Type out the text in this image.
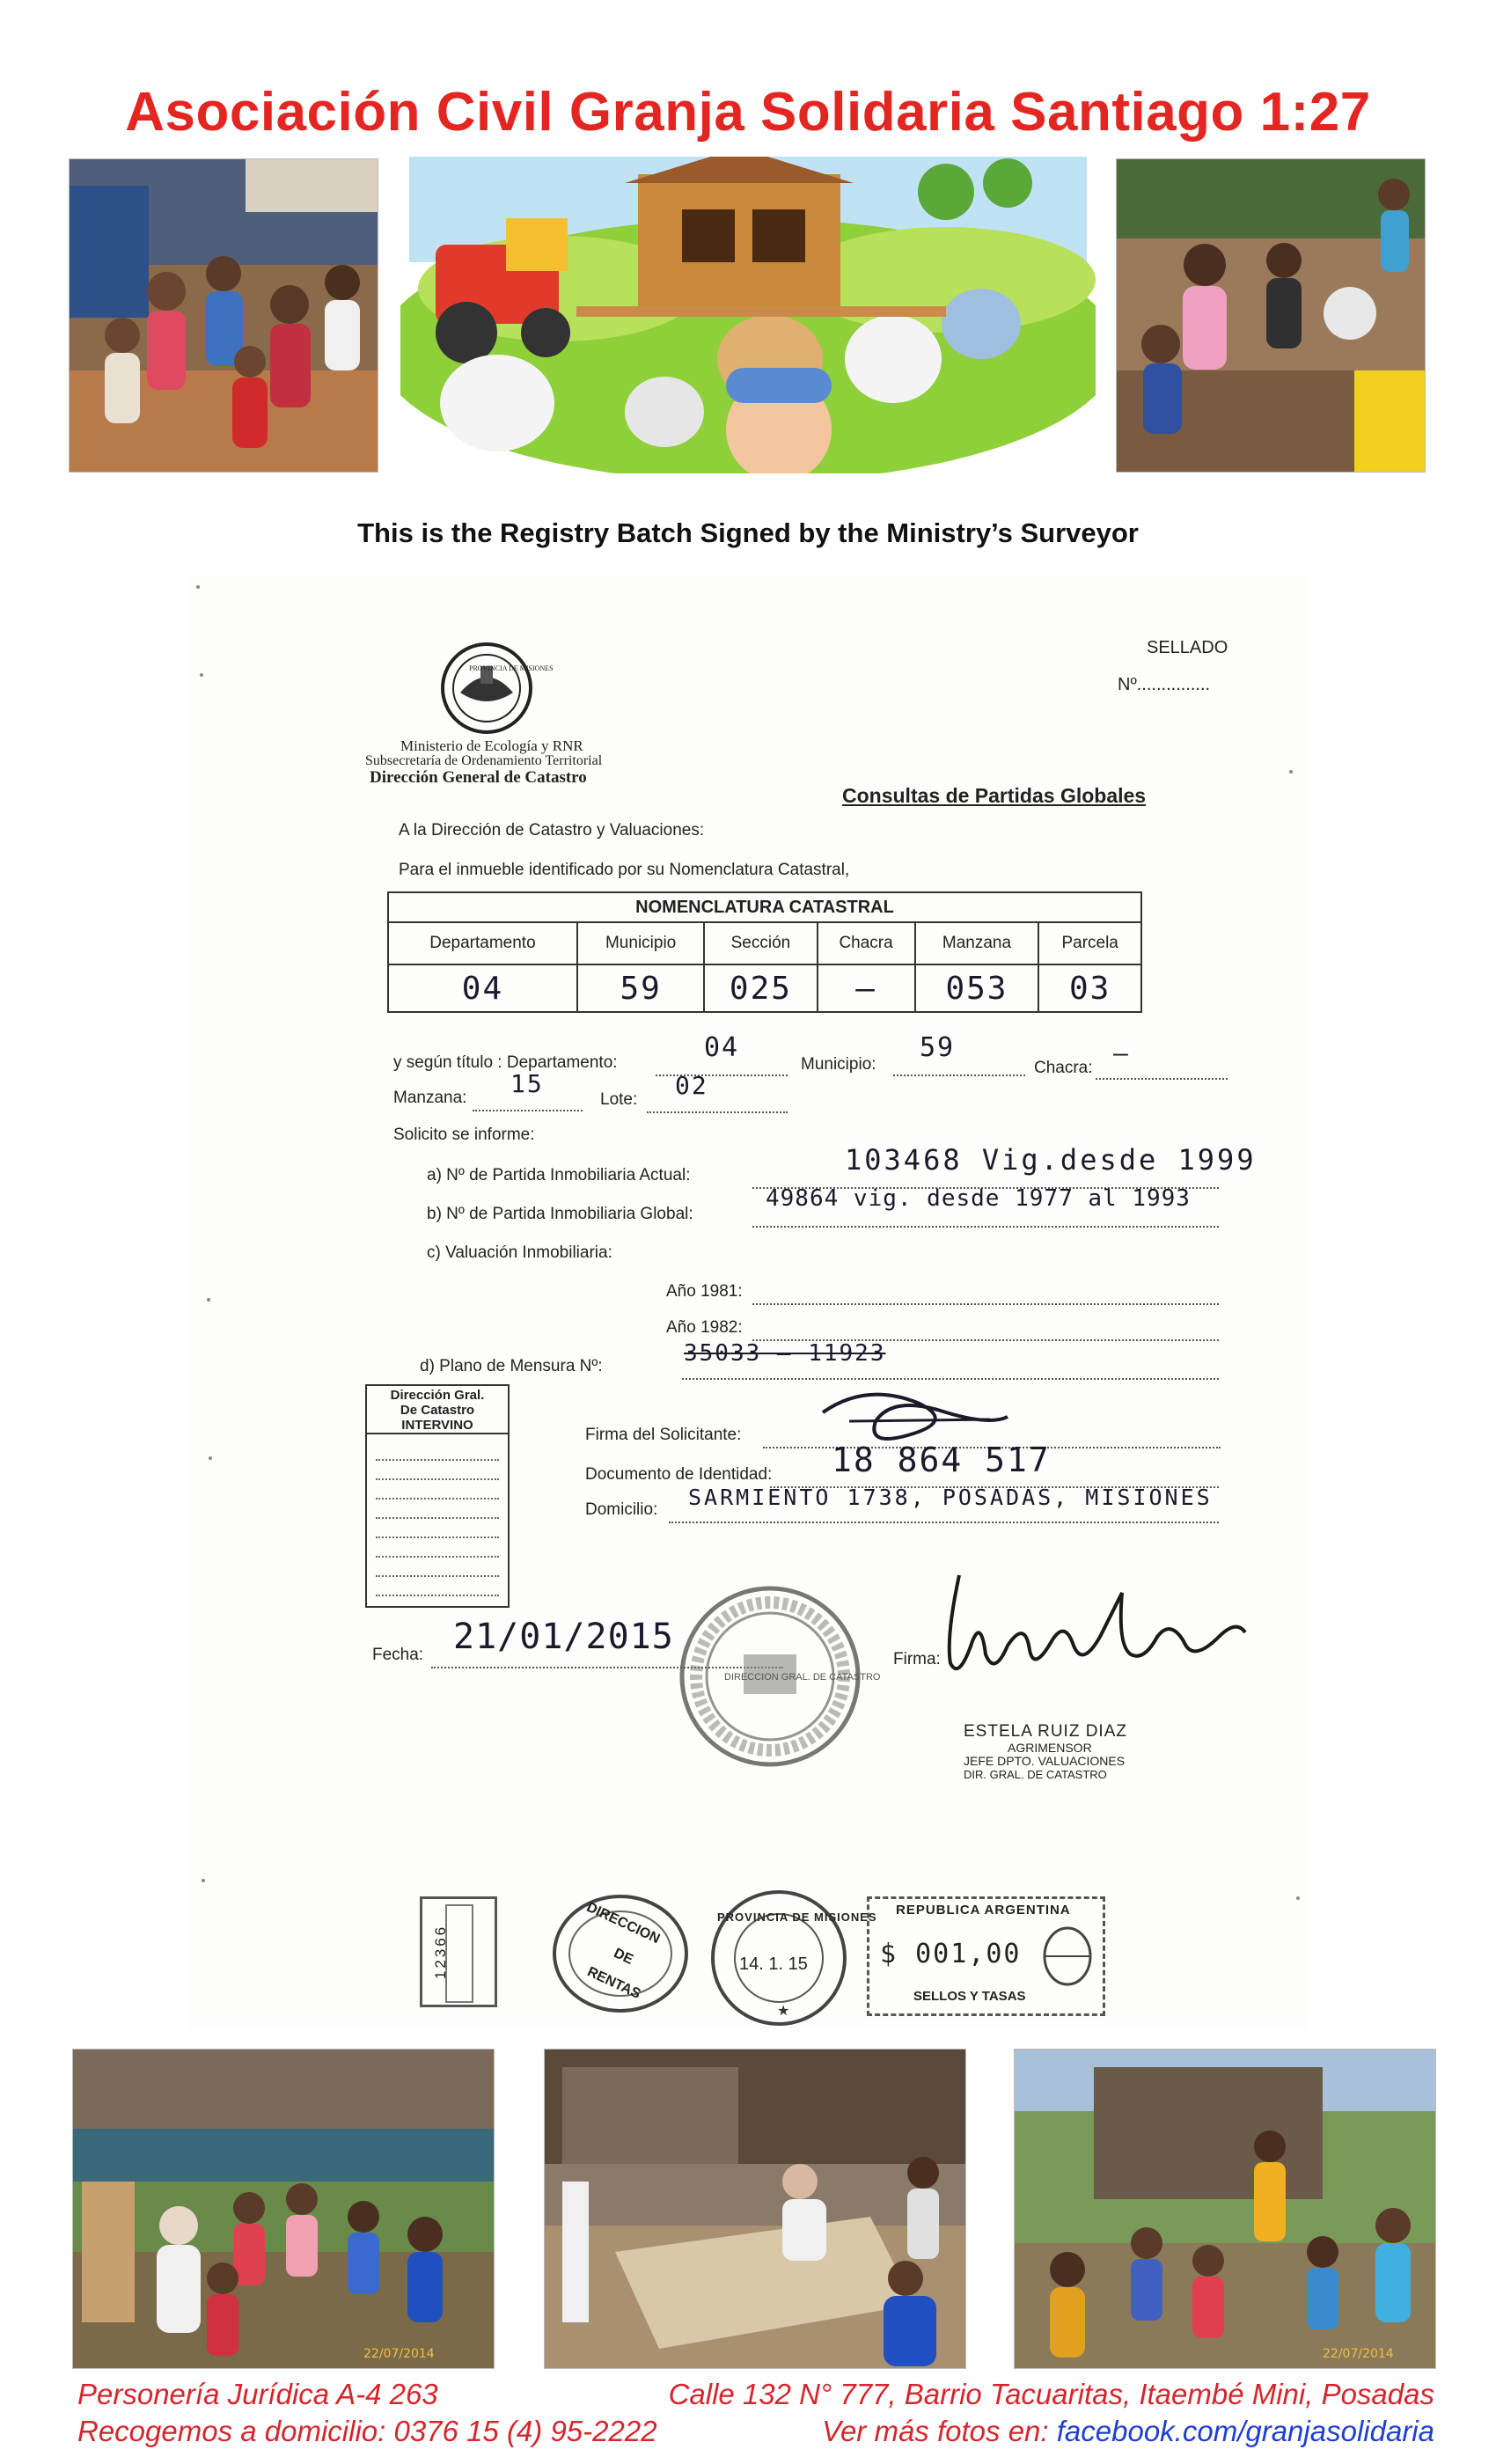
Asociación Civil Granja Solidaria Santiago 1:27
This is the Registry Batch Signed by the Ministry’s Surveyor
PROVINCIA DE MISIONES
Ministerio de Ecología y RNR
Subsecretaría de Ordenamiento Territorial
Dirección General de Catastro
SELLADO
Nº...............
Consultas de Partidas Globales
A la Dirección de Catastro y Valuaciones:
Para el inmueble identificado por su Nomenclatura Catastral,
NOMENCLATURA CATASTRAL					
Departamento	Municipio	Sección	Chacra	Manzana	Parcela
04	59	025	–	053	03
y según título : Departamento:	04
Municipio:
59
Chacra:
–
Manzana: 15
Lote: 02
Solicito se informe:
a) Nº de Partida Inmobiliaria Actual:	103468 Vig.desde 1999
b) Nº de Partida Inmobiliaria Global:
49864 vig. desde 1977 al 1993
c) Valuación Inmobiliaria:
Año 1981:
Año 1982:
d) Plano de Mensura Nº:	35033 – 11923
Dirección Gral.
De Catastro
INTERVINO
Firma del Solicitante:
Documento de Identidad: 18 864 517
Domicilio: SARMIENTO 1738, POSADAS, MISIONES
Fecha: 21/01/2015
DIRECCION GRAL. DE CATASTRO
Firma:
ESTELA RUIZ DIAZ
AGRIMENSOR
JEFE DPTO. VALUACIONES
DIR. GRAL. DE CATASTRO
12366
DIRECCION
DE
RENTAS
★
PROVINCIA DE MISIONES
14. 1. 15
REPUBLICA ARGENTINA
$ 001,00
SELLOS Y TASAS
22/07/2014	22/07/2014
Personería Jurídica A-4 263
Recogemos a domicilio: 0376 15 (4) 95-2222
Calle 132 N° 777, Barrio Tacuaritas, Itaembé Mini, Posadas
Ver más fotos en: facebook.com/granjasolidaria
